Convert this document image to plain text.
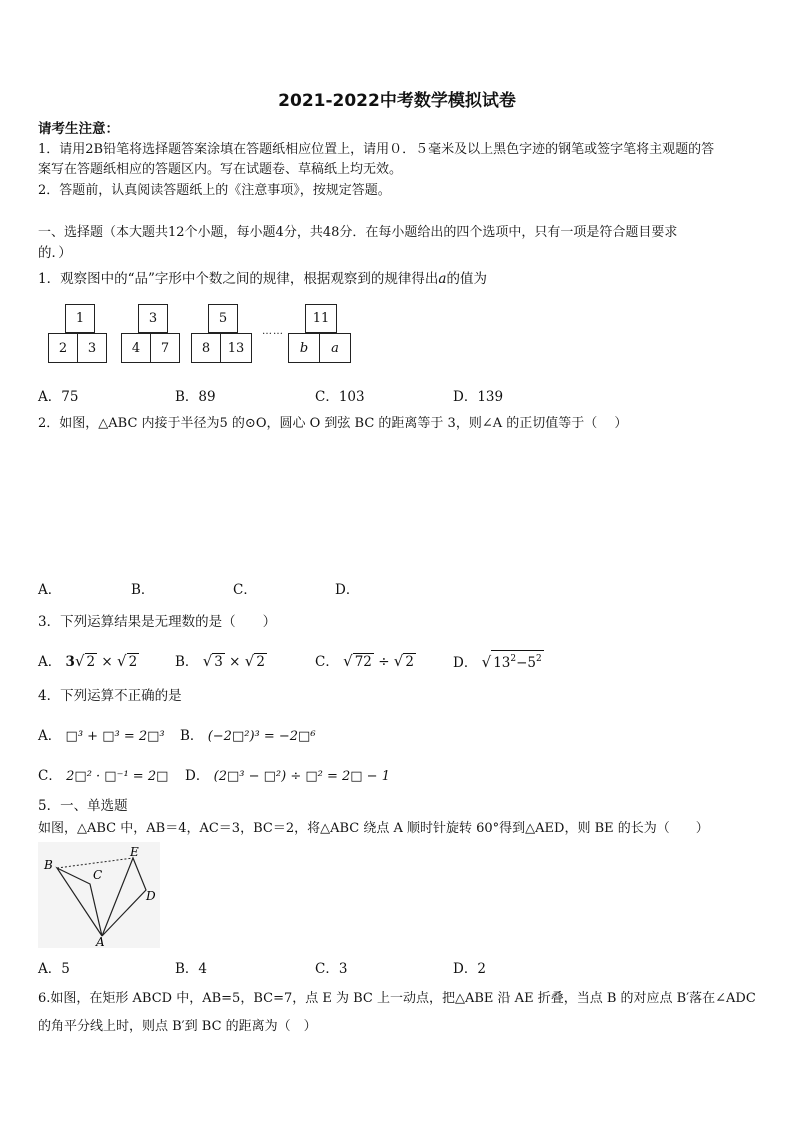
2021-2022中考数学模拟试卷
请考生注意：
1．请用2B铅笔将选择题答案涂填在答题纸相应位置上，请用０．５毫米及以上黑色字迹的钢笔或签字笔将主观题的答
案写在答题纸相应的答题区内。写在试题卷、草稿纸上均无效。
2．答题前，认真阅读答题纸上的《注意事项》，按规定答题。
一、选择题（本大题共12个小题，每小题4分，共48分．在每小题给出的四个选项中，只有一项是符合题目要求
的．）
1．观察图中的“品”字形中个数之间的规律，根据观察到的规律得出a的值为
1
2	3
3
4	7
5
8	13
……
11
b	a
A．75	B．89	C．103	D．139
2．如图，△ABC 内接于半径为5 的⊙O，圆心 O 到弦 BC 的距离等于 3，则∠A 的正切值等于（　 ）
A．	B．	C．	D．
3．下列运算结果是无理数的是（　　）
A． 3√ 2 × √ 2	B． √ 3 × √ 2	C． √ 72 ÷ √ 2	D． √ $13^2-5^2$
4．下列运算不正确的是
A． □³ + □³ = 2□³ B． (−2□²)³ = −2□⁶
C． 2□² · □⁻¹ = 2□ D． (2□³ − □²) ÷ □² = 2□ − 1
5．一、单选题
如图，△ABC 中，AB＝4，AC＝3，BC＝2，将△ABC 绕点 A 顺时针旋转 60°得到△AED，则 BE 的长为（　　）
B
C
E
D
A
A．5	B．4	C．3	D．2
6.如图，在矩形 ABCD 中，AB=5，BC=7，点 E 为 BC 上一动点，把△ABE 沿 AE 折叠，当点 B 的对应点 B′落在∠ADC
的角平分线上时，则点 B′到 BC 的距离为（　）
